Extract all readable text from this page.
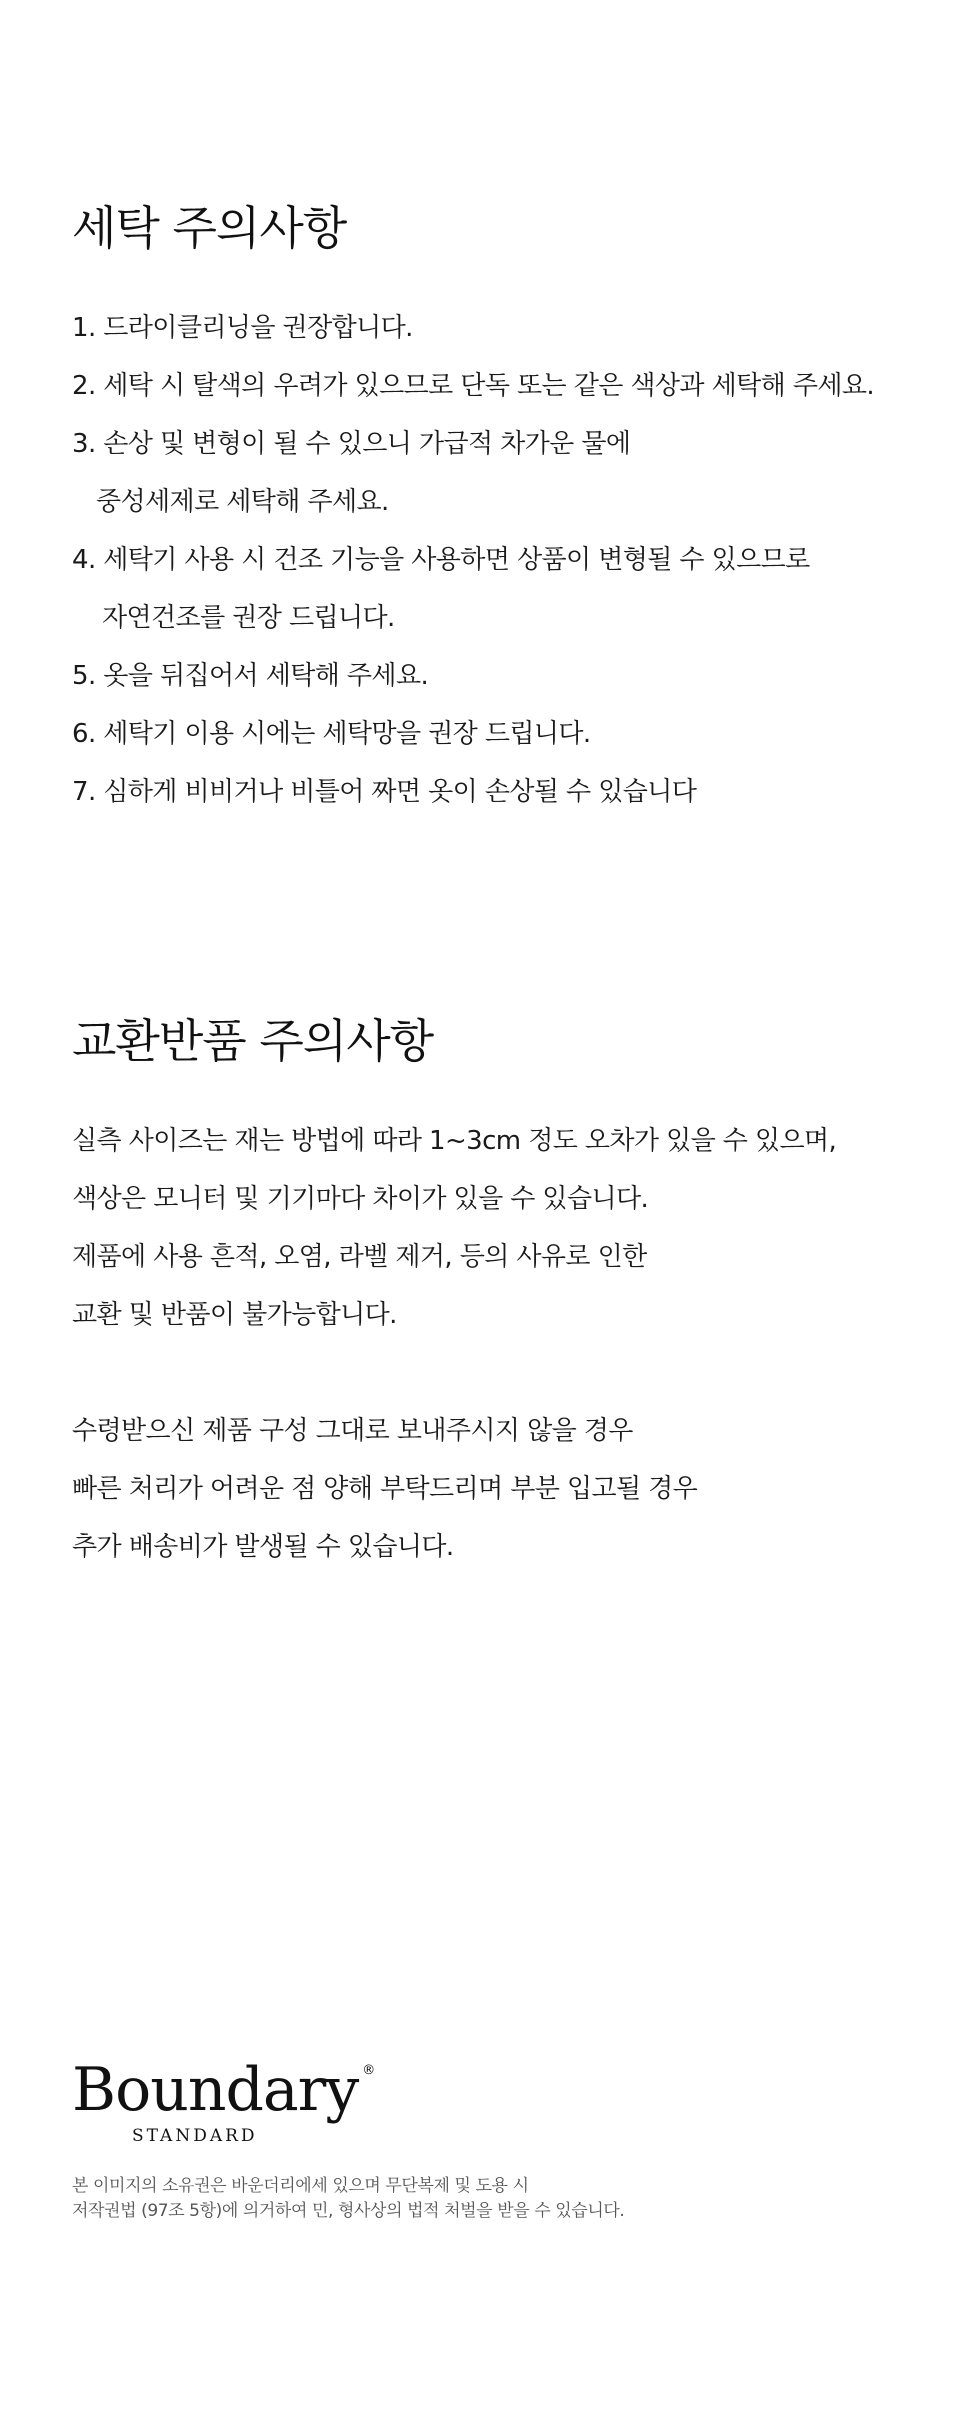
세탁 주의사항
1. 드라이클리닝을 권장합니다.
2. 세탁 시 탈색의 우려가 있으므로 단독 또는 같은 색상과 세탁해 주세요.
3. 손상 및 변형이 될 수 있으니 가급적 차가운 물에
중성세제로 세탁해 주세요.
4. 세탁기 사용 시 건조 기능을 사용하면 상품이 변형될 수 있으므로
자연건조를 권장 드립니다.
5. 옷을 뒤집어서 세탁해 주세요.
6. 세탁기 이용 시에는 세탁망을 권장 드립니다.
7. 심하게 비비거나 비틀어 짜면 옷이 손상될 수 있습니다
교환반품 주의사항
실측 사이즈는 재는 방법에 따라 1~3cm 정도 오차가 있을 수 있으며,
색상은 모니터 및 기기마다 차이가 있을 수 있습니다.
제품에 사용 흔적, 오염, 라벨 제거, 등의 사유로 인한
교환 및 반품이 불가능합니다.
수령받으신 제품 구성 그대로 보내주시지 않을 경우
빠른 처리가 어려운 점 양해 부탁드리며 부분 입고될 경우
추가 배송비가 발생될 수 있습니다.
Boundary ®
STANDARD
본 이미지의 소유권은 바운더리에세 있으며 무단복제 및 도용 시
저작권법 (97조 5항)에 의거하여 민, 형사상의 법적 처벌을 받을 수 있습니다.
